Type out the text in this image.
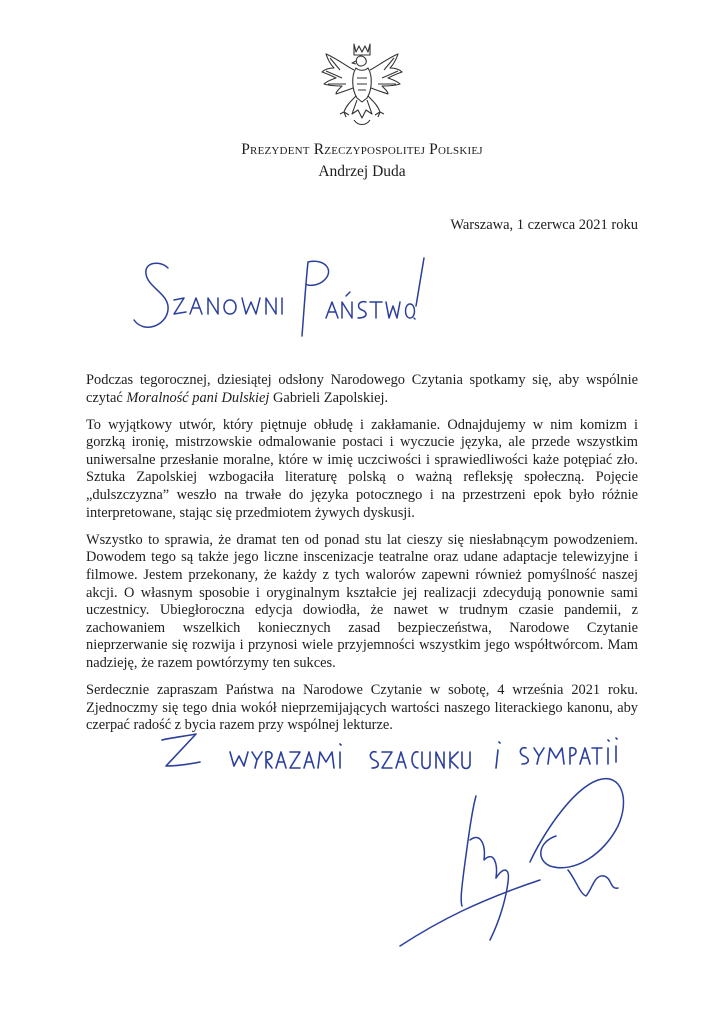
Prezydent Rzeczypospolitej Polskiej
Andrzej Duda
Warszawa, 1 czerwca 2021 roku

Podczas tegorocznej, dziesiątej odsłony Narodowego Czytania spotkamy się, aby wspólnie czytać Moralność pani Dulskiej Gabrieli Zapolskiej.

To wyjątkowy utwór, który piętnuje obłudę i zakłamanie. Odnajdujemy w nim komizm i gorzką ironię, mistrzowskie odmalowanie postaci i wyczucie języka, ale przede wszystkim uniwersalne przesłanie moralne, które w imię uczciwości i sprawiedliwości każe potępiać zło. Sztuka Zapolskiej wzbogaciła literaturę polską o ważną refleksję społeczną. Pojęcie „dulszczyzna” weszło na trwałe do języka potocznego i na przestrzeni epok było różnie interpretowane, stając się przedmiotem żywych dyskusji.

Wszystko to sprawia, że dramat ten od ponad stu lat cieszy się niesłabnącym powodzeniem. Dowodem tego są także jego liczne inscenizacje teatralne oraz udane adaptacje telewizyjne i filmowe. Jestem przekonany, że każdy z tych walorów zapewni również pomyślność naszej akcji. O własnym sposobie i oryginalnym kształcie jej realizacji zdecydują ponownie sami uczestnicy. Ubiegłoroczna edycja dowiodła, że nawet w trudnym czasie pandemii, z zachowaniem wszelkich koniecznych zasad bezpieczeństwa, Narodowe Czytanie nieprzerwanie się rozwija i przynosi wiele przyjemności wszystkim jego współtwórcom. Mam nadzieję, że razem powtórzymy ten sukces.

Serdecznie zapraszam Państwa na Narodowe Czytanie w sobotę, 4 września 2021 roku. Zjednoczmy się tego dnia wokół nieprzemijających wartości naszego literackiego kanonu, aby czerpać radość z bycia razem przy wspólnej lekturze.
